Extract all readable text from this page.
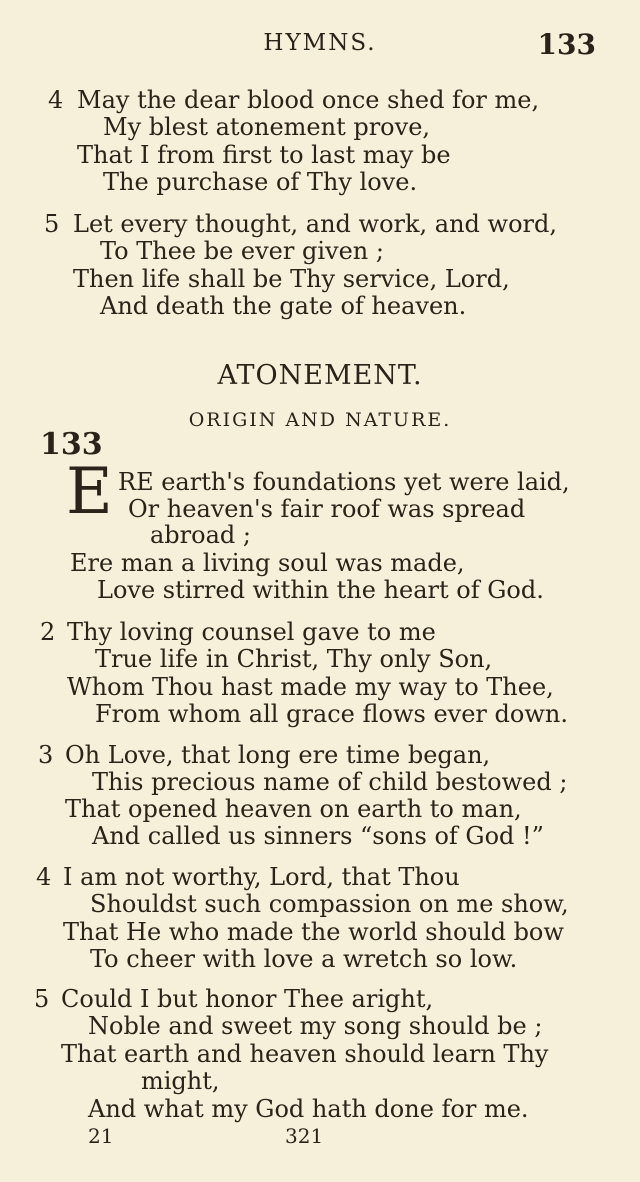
HYMNS.	133
4 May the dear blood once shed for me,
My blest atonement prove,
That I from first to last may be
The purchase of Thy love.
5 Let every thought, and work, and word,
To Thee be ever given ;
Then life shall be Thy service, Lord,
And death the gate of heaven.
ATONEMENT.
ORIGIN AND NATURE.
133
E RE earth's foundations yet were laid,
Or heaven's fair roof was spread
abroad ;
Ere man a living soul was made,
Love stirred within the heart of God.
2 Thy loving counsel gave to me
True life in Christ, Thy only Son,
Whom Thou hast made my way to Thee,
From whom all grace flows ever down.
3 Oh Love, that long ere time began,
This precious name of child bestowed ;
That opened heaven on earth to man,
And called us sinners “sons of God !”
4 I am not worthy, Lord, that Thou
Shouldst such compassion on me show,
That He who made the world should bow
To cheer with love a wretch so low.
5 Could I but honor Thee aright,
Noble and sweet my song should be ;
That earth and heaven should learn Thy
might,
And what my God hath done for me.
21	321
